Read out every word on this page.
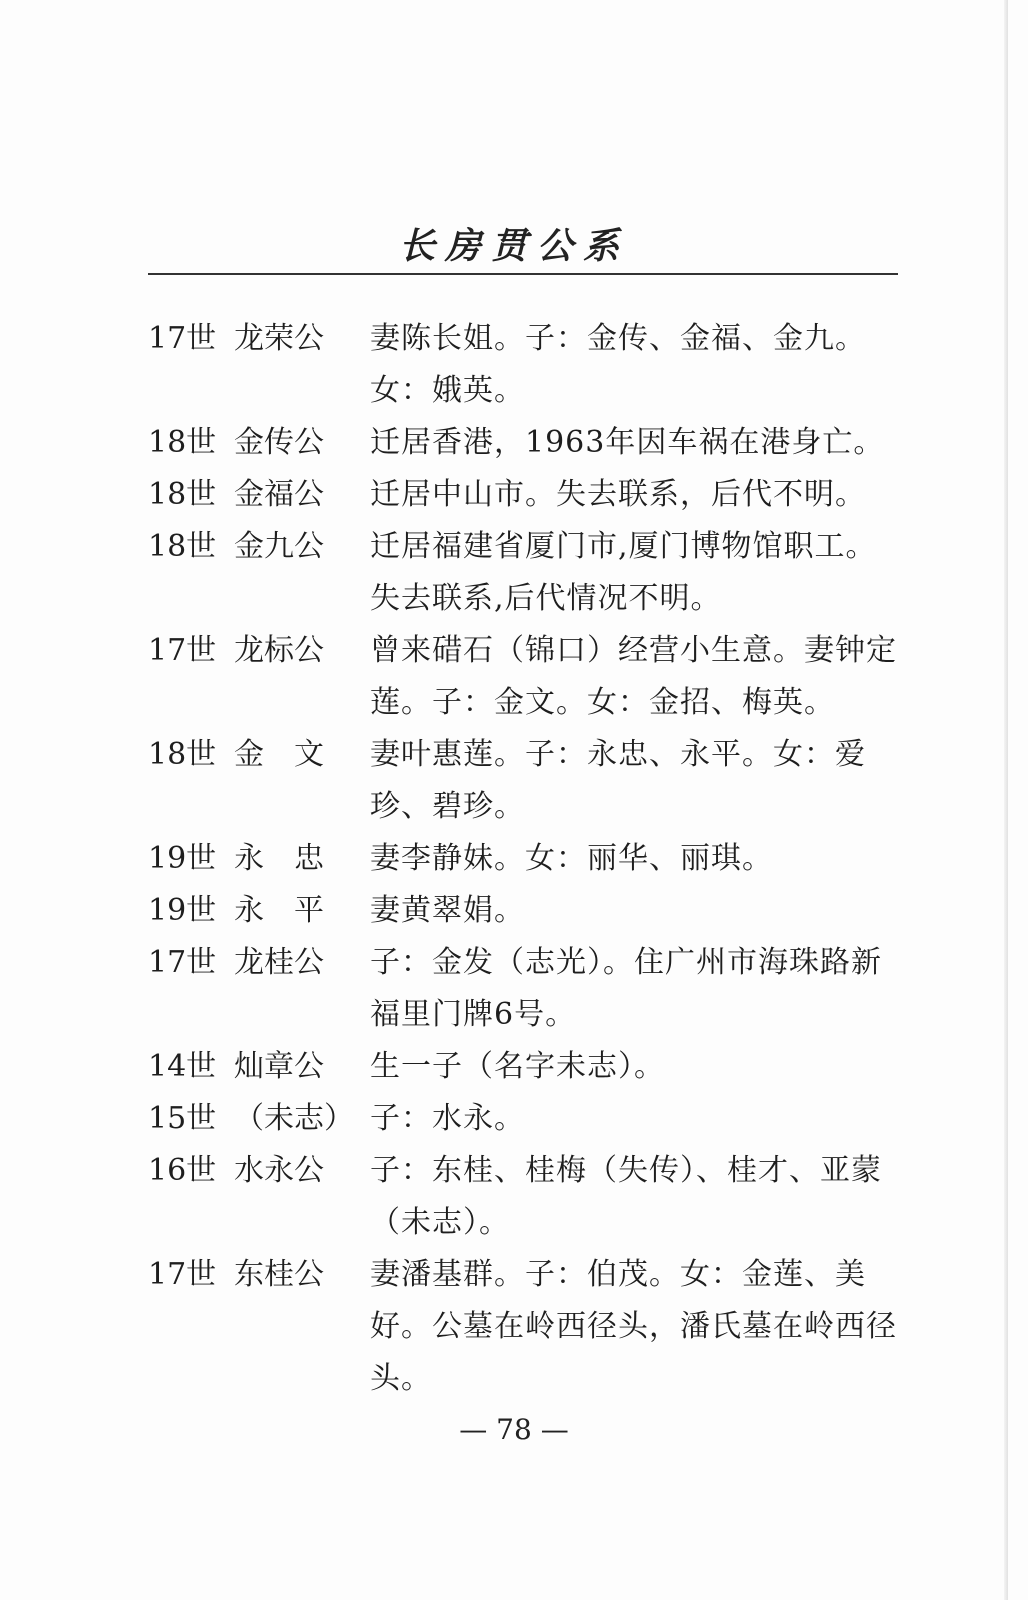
长房贯公系
17世 龙荣公	妻陈长姐。子：金传、金福、金九。女：娥英。
18世 金传公	迁居香港，1963年因车祸在港身亡。
18世 金福公	迁居中山市。失去联系，后代不明。
18世 金九公	迁居福建省厦门市,厦门博物馆职工。失去联系,后代情况不明。
17世 龙标公	曾来碏石（锦口）经营小生意。妻钟定莲。子：金文。女：金招、梅英。
18世 金　文	妻叶惠莲。子：永忠、永平。女：爱珍、碧珍。
19世 永　忠	妻李静妹。女：丽华、丽琪。
19世 永　平	妻黄翠娟。
17世 龙桂公	子：金发（志光）。住广州市海珠路新福里门牌6号。
14世 灿章公	生一子（名字未志）。
15世 （未志） 子：水永。
16世 水永公	子：东桂、桂梅（失传）、桂才、亚蒙（未志）。
17世 东桂公	妻潘基群。子：伯茂。女：金莲、美好。公墓在岭西径头，潘氏墓在岭西径头。
— 78 —
